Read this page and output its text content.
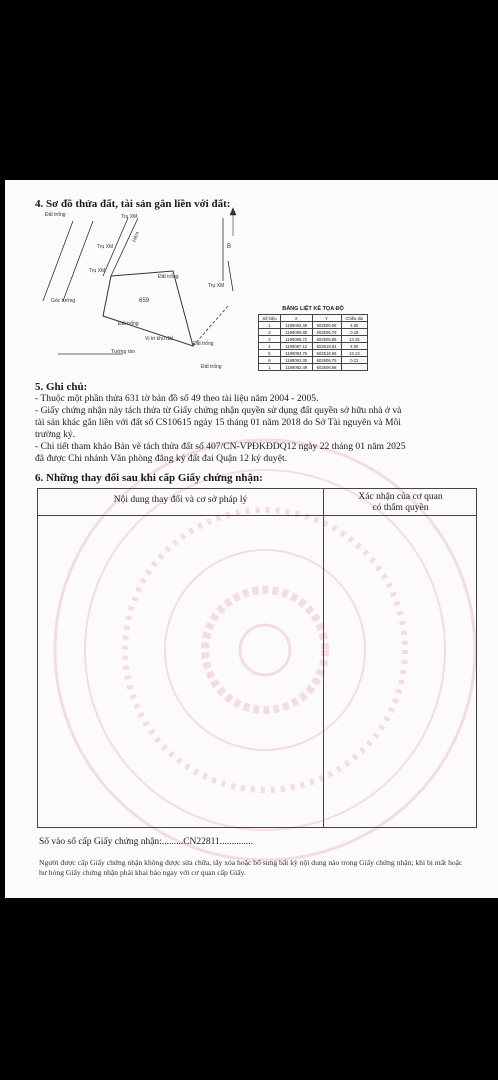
4. Sơ đồ thửa đất, tài sản gắn liền với đất:
Đất trống	Trụ XM
Hẻm
Trụ XM
Trụ XM
Trụ XM
Đất trống
Góc tường	659
Đất trống
Vị trí khu đất
Tường rào
Đất trống
Đất trống
B
BẢNG LIỆT KÊ TỌA ĐỘ
Số hiệu	X	Y	Chiều dài
1	1199092.49	602500.08	4.00
2	1199095.85	602506.76	0.18
3	1199095.72	602506.86	13.15
4	1199087.12	602518.84	4.00
5	1199083.76	602516.66	13.13
6	1199092.30	602506.75	0.21
1	1199092.49	602506.68	
5. Ghi chú:
- Thuộc một phần thửa 631 tờ bản đồ số 49 theo tài liệu năm 2004 - 2005.
- Giấy chứng nhận này tách thửa từ Giấy chứng nhận quyền sử dụng đất quyền sở hữu nhà ở và
tài sản khác gắn liền với đất số CS10615 ngày 15 tháng 01 năm 2018 do Sở Tài nguyên và Môi
trường ký.
- Chi tiết tham khảo Bản vẽ tách thửa đất số 407/CN-VPĐKĐDQ12 ngày 22 tháng 01 năm 2025
đã được Chi nhánh Văn phòng đăng ký đất đai Quận 12 ký duyệt.
6. Những thay đổi sau khi cấp Giấy chứng nhận:
Nội dung thay đổi và cơ sở pháp lý	Xác nhận của cơ quan
có thẩm quyền
Số vào sổ cấp Giấy chứng nhận:.........CN22811..............
Người được cấp Giấy chứng nhận không được sửa chữa, tẩy xóa hoặc bổ sung bất kỳ nội dung nào trong Giấy chứng nhận; khi bị mất hoặc hư hỏng Giấy chứng nhận phải khai báo ngay với cơ quan cấp Giấy.
